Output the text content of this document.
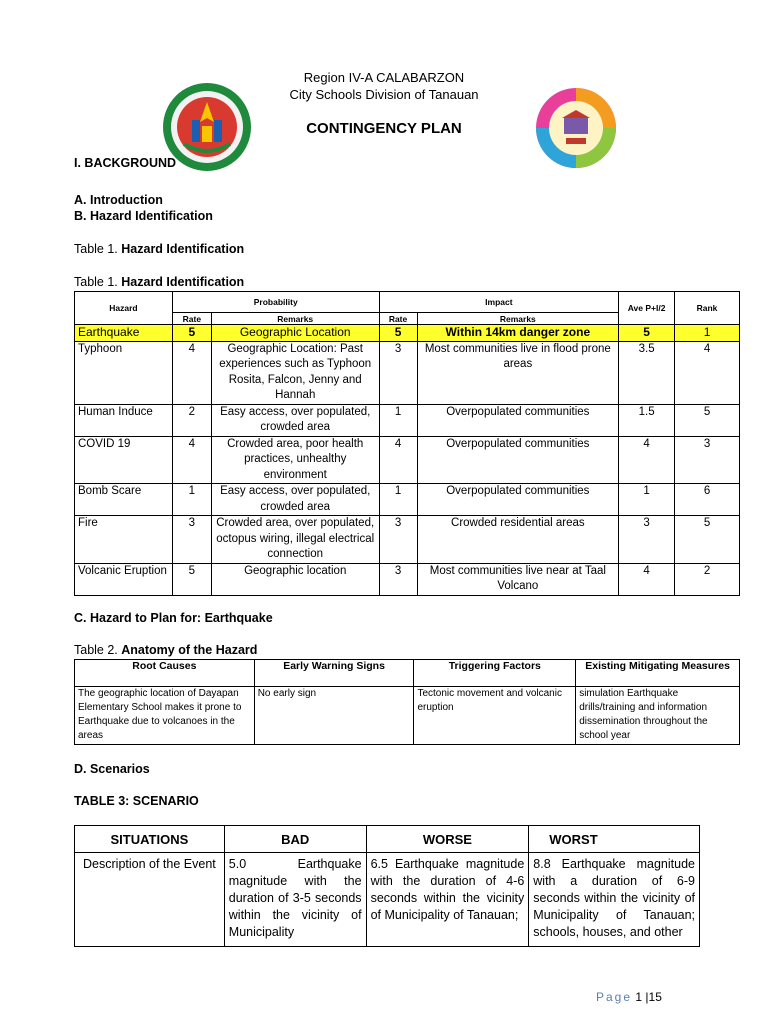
Region IV-A CALABARZON
City Schools Division of Tanauan
CONTINGENCY PLAN
I. BACKGROUND
A. Introduction
B. Hazard Identification
Table 1. Hazard Identification
Table 1. Hazard Identification
Hazard	Probability		Impact		Ave P+I/2	Rank
	Rate	Remarks	Rate	Remarks		
Earthquake	5	Geographic Location	5	Within 14km danger zone	5	1
Typhoon	4	Geographic Location: Past experiences such as Typhoon Rosita, Falcon, Jenny and Hannah	3	Most communities live in flood prone areas	3.5	4
Human Induce	2	Easy access, over populated, crowded area	1	Overpopulated communities	1.5	5
COVID 19	4	Crowded area, poor health practices, unhealthy environment	4	Overpopulated communities	4	3
Bomb Scare	1	Easy access, over populated, crowded area	1	Overpopulated communities	1	6
Fire	3	Crowded area, over populated, octopus wiring, illegal electrical connection	3	Crowded residential areas	3	5
Volcanic Eruption	5	Geographic location	3	Most communities live near at Taal Volcano	4	2
C. Hazard to Plan for: Earthquake
Table 2. Anatomy of the Hazard
Root Causes	Early Warning Signs	Triggering Factors	Existing Mitigating Measures
The geographic location of Dayapan Elementary School makes it prone to Earthquake due to volcanoes in the areas	No early sign	Tectonic movement and volcanic eruption	simulation Earthquake drills/training and information dissemination throughout the school year
D. Scenarios
TABLE 3: SCENARIO
SITUATIONS	BAD	WORSE	WORST
Description of the Event	5.0 Earthquake magnitude with the duration of 3-5 seconds within the vicinity of Municipality	6.5 Earthquake magnitude with the duration of 4-6 seconds within the vicinity of Municipality of Tanauan;	8.8 Earthquake magnitude with a duration of 6-9 seconds within the vicinity of Municipality of Tanauan; schools, houses, and other
Page 1 |15
